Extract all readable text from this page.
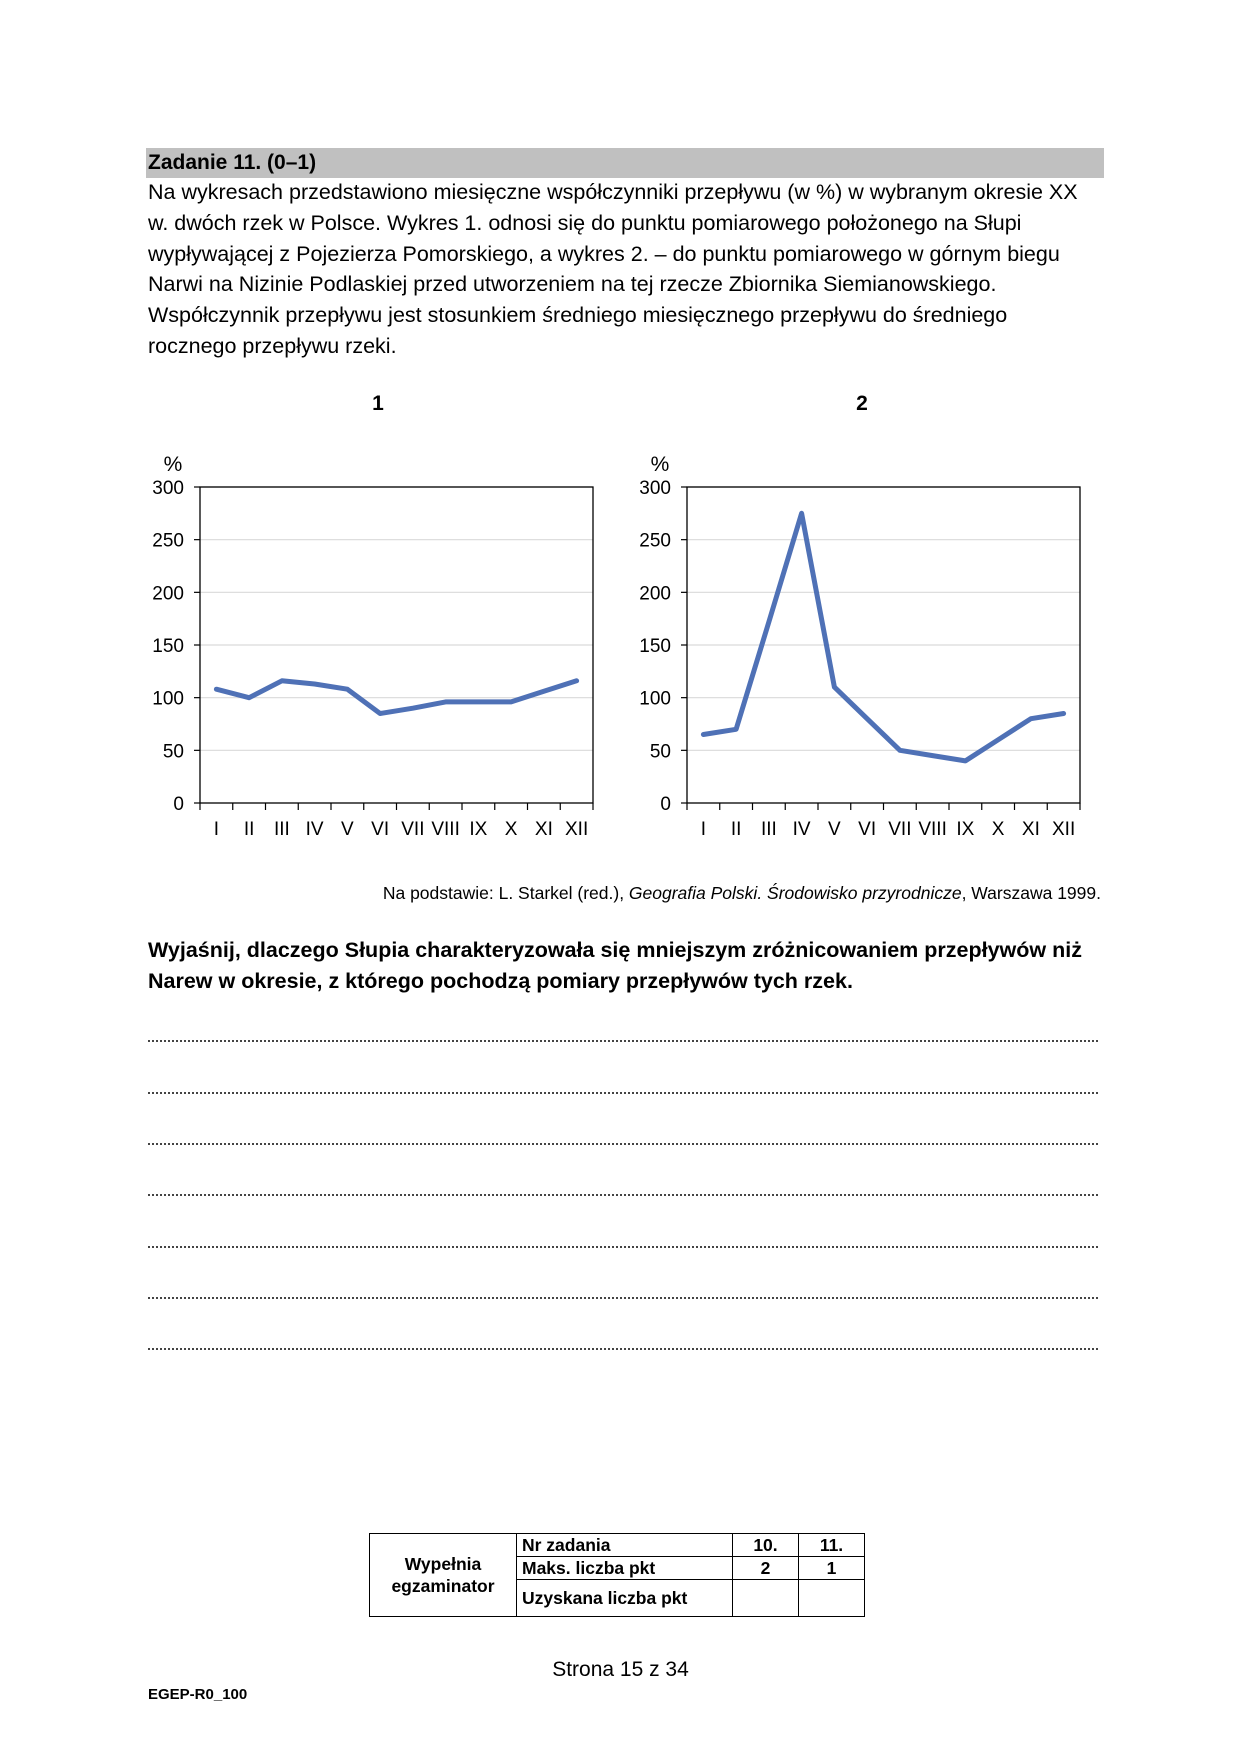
Zadanie 11. (0–1)

Na wykresach przedstawiono miesięczne współczynniki przepływu (w %) w wybranym okresie XX w. dwóch rzek w Polsce. Wykres 1. odnosi się do punktu pomiarowego położonego na Słupi wypływającej z Pojezierza Pomorskiego, a wykres 2. – do punktu pomiarowego w górnym biegu Narwi na Nizinie Podlaskiej przed utworzeniem na tej rzecze Zbiornika Siemianowskiego. Współczynnik przepływu jest stosunkiem średniego miesięcznego przepływu do średniego rocznego przepływu rzeki.

1	2
0
50
100
150
200
250
300
%
I II III IV V VI VII VIII IX X XI XII
0
50
100
150
200
250
300
%
I II III IV V VI VII VIII IX X XI XII
Na podstawie: L. Starkel (red.), Geografia Polski. Środowisko przyrodnicze, Warszawa 1999.

Wyjaśnij, dlaczego Słupia charakteryzowała się mniejszym zróżnicowaniem przepływów niż Narew w okresie, z którego pochodzą pomiary przepływów tych rzek.

Wypełnia egzaminator	Nr zadania	10.	11.
	Maks. liczba pkt	2	1
	Uzyskana liczba pkt		
Strona 15 z 34
EGEP-R0_100
